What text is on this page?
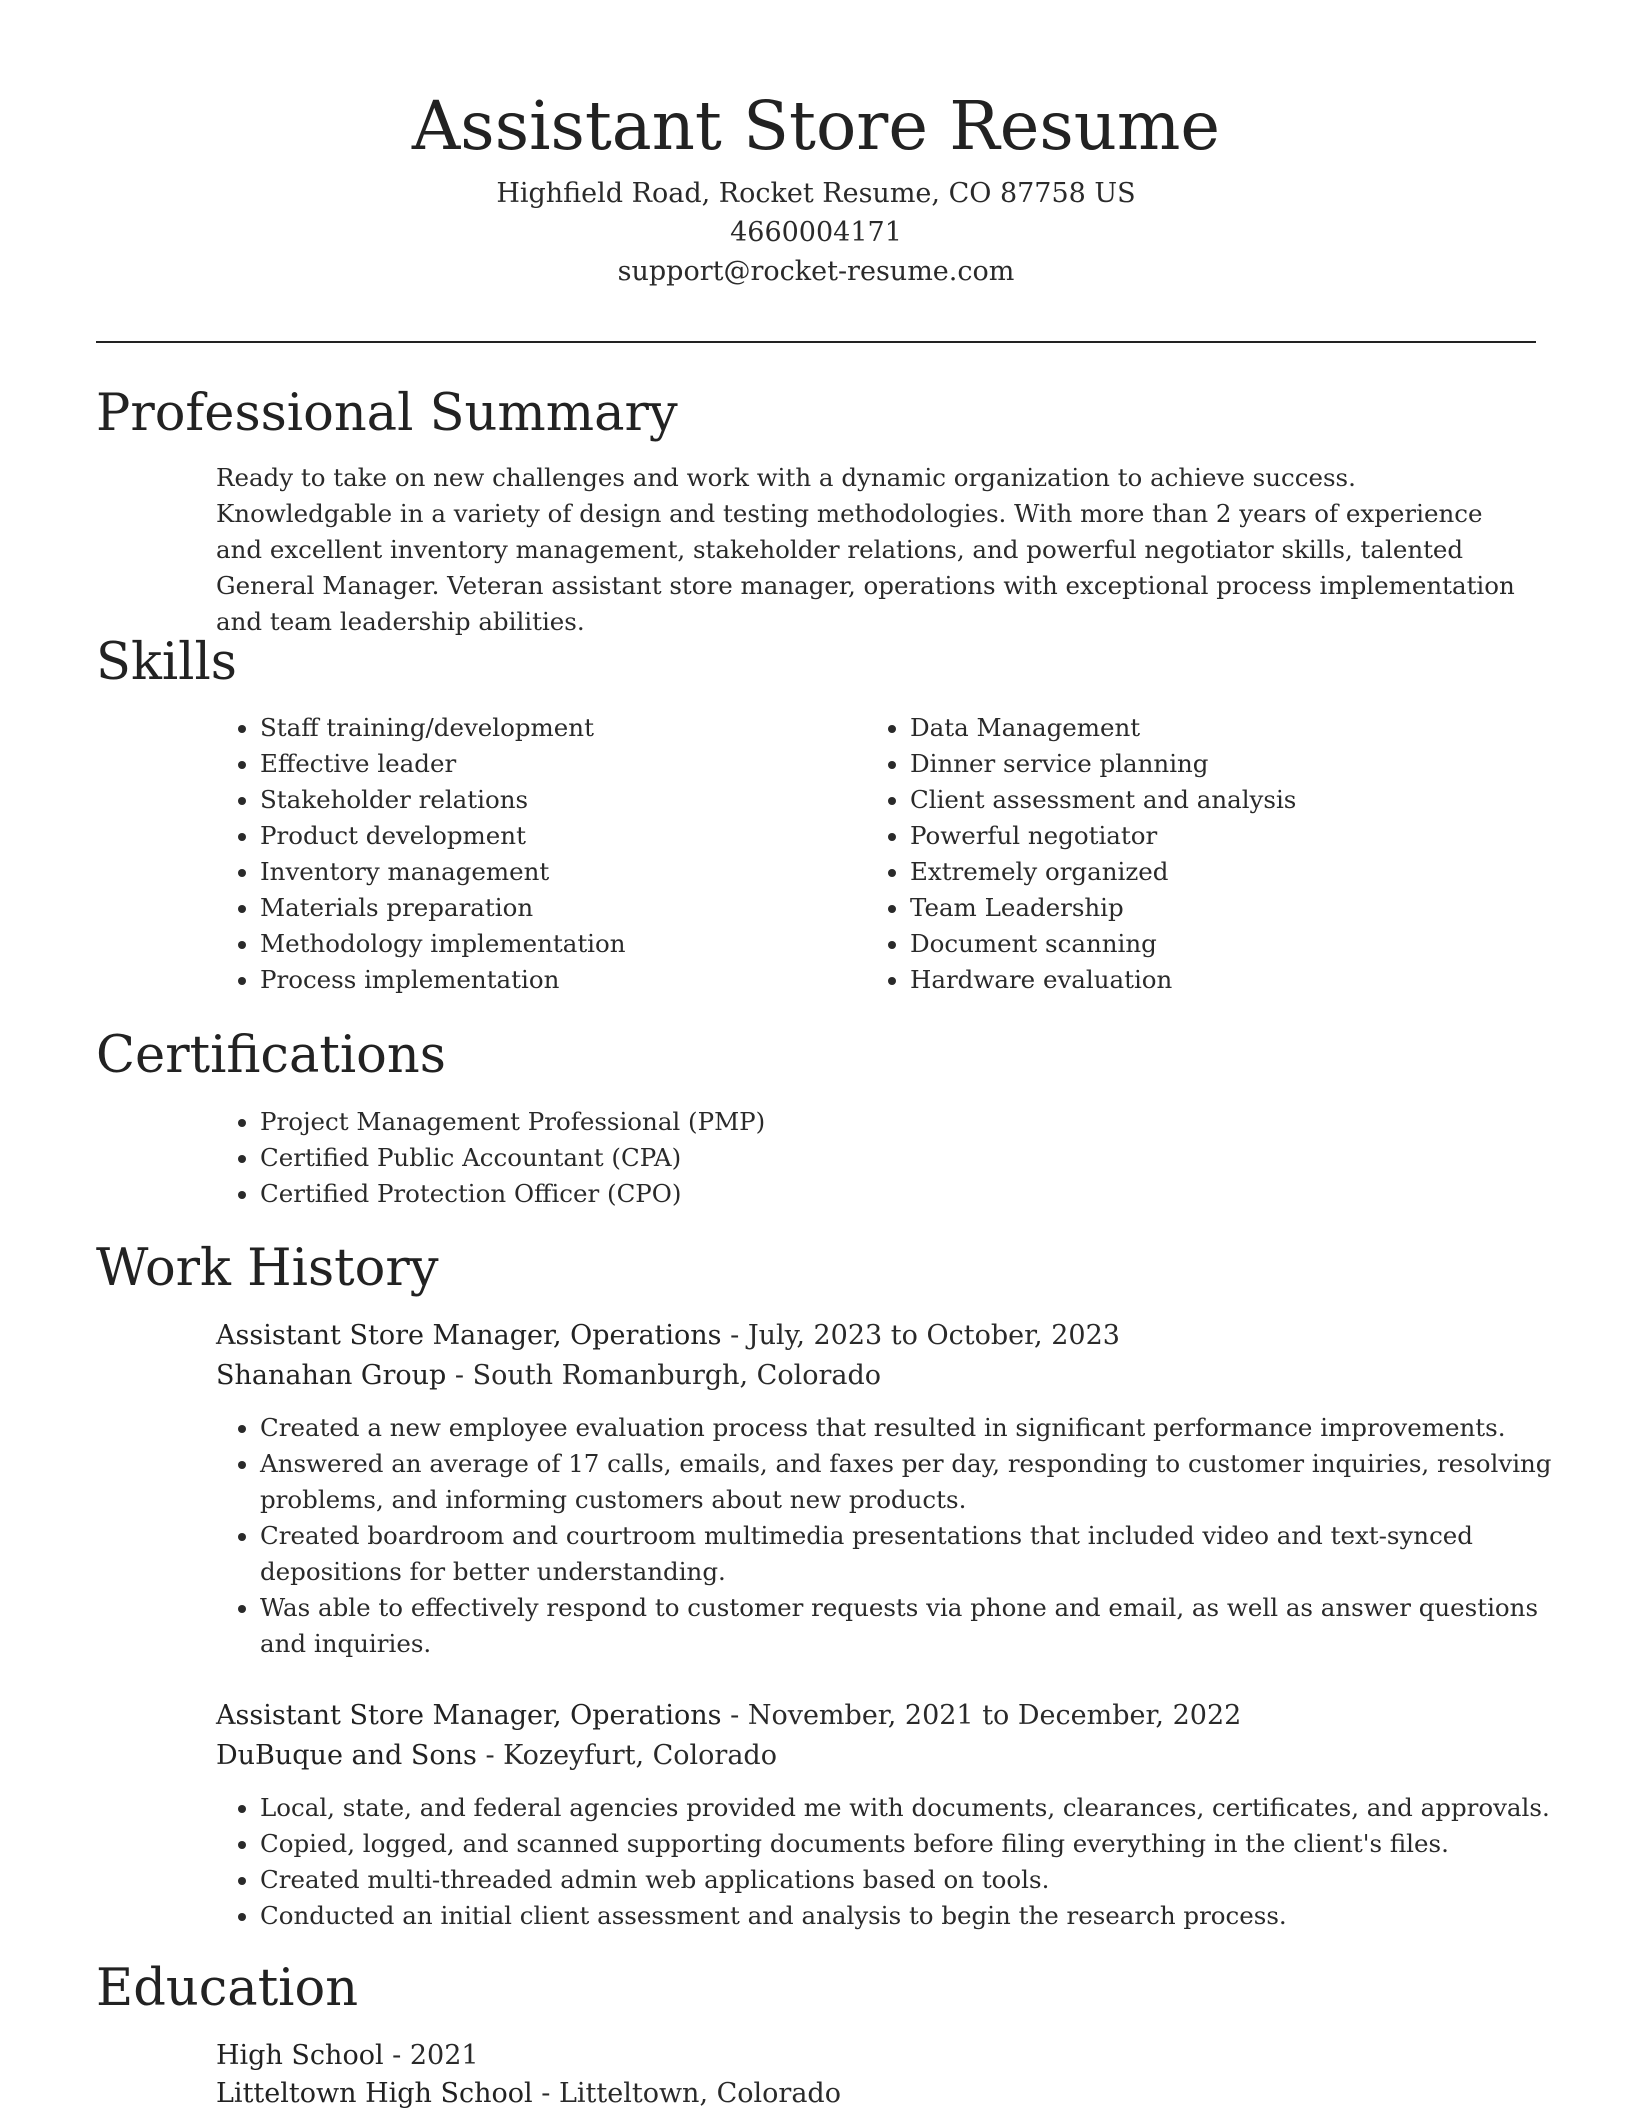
Assistant Store Resume
Highfield Road, Rocket Resume, CO 87758 US
4660004171
support@rocket-resume.com
Professional Summary
Ready to take on new challenges and work with a dynamic organization to achieve success. Knowledgable in a variety of design and testing methodologies. With more than 2 years of experience and excellent inventory management, stakeholder relations, and powerful negotiator skills, talented General Manager. Veteran assistant store manager, operations with exceptional process implementation and team leadership abilities.
Skills
• Staff training/development
• Effective leader
• Stakeholder relations
• Product development
• Inventory management
• Materials preparation
• Methodology implementation
• Process implementation
• Data Management
• Dinner service planning
• Client assessment and analysis
• Powerful negotiator
• Extremely organized
• Team Leadership
• Document scanning
• Hardware evaluation
Certifications
• Project Management Professional (PMP)
• Certified Public Accountant (CPA)
• Certified Protection Officer (CPO)
Work History
Assistant Store Manager, Operations - July, 2023 to October, 2023
Shanahan Group - South Romanburgh, Colorado
• Created a new employee evaluation process that resulted in significant performance improvements.
• Answered an average of 17 calls, emails, and faxes per day, responding to customer inquiries, resolving problems, and informing customers about new products.
• Created boardroom and courtroom multimedia presentations that included video and text-synced depositions for better understanding.
• Was able to effectively respond to customer requests via phone and email, as well as answer questions and inquiries.
Assistant Store Manager, Operations - November, 2021 to December, 2022
DuBuque and Sons - Kozeyfurt, Colorado
• Local, state, and federal agencies provided me with documents, clearances, certificates, and approvals.
• Copied, logged, and scanned supporting documents before filing everything in the client's files.
• Created multi-threaded admin web applications based on tools.
• Conducted an initial client assessment and analysis to begin the research process.
Education
High School - 2021
Litteltown High School - Litteltown, Colorado
